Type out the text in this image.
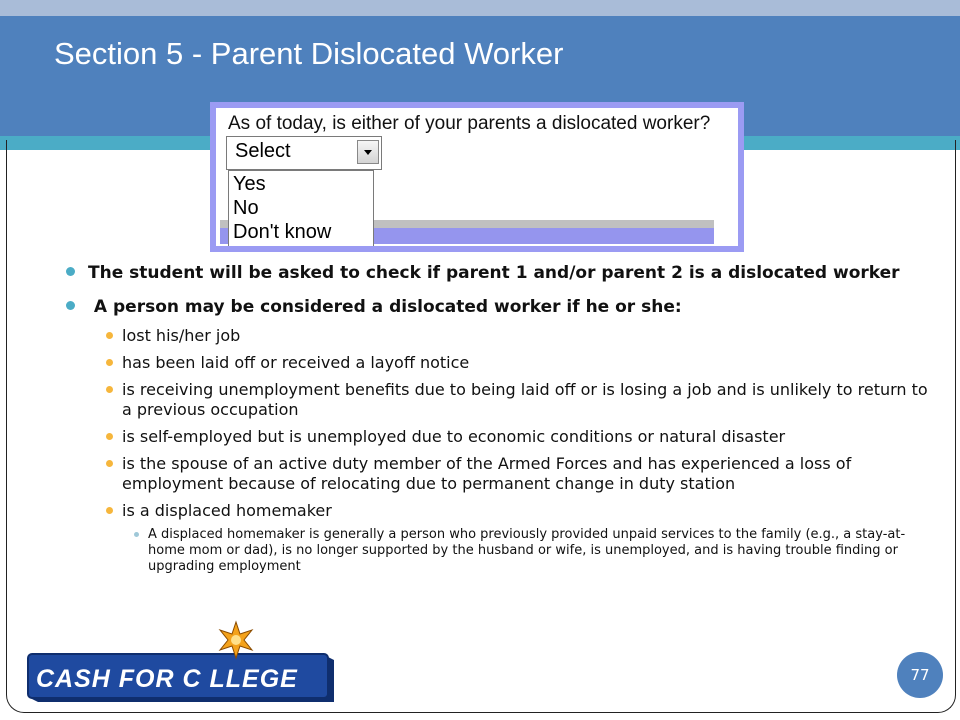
Section 5 - Parent Dislocated Worker
As of today, is either of your parents a dislocated worker?
Select
Yes
No
Don't know
The student will be asked to check if parent 1 and/or parent 2 is a dislocated worker
A person may be considered a dislocated worker if he or she:
lost his/her job
has been laid off or received a layoff notice
is receiving unemployment benefits due to being laid off or is losing a job and is unlikely to return to a previous occupation
is self-employed but is unemployed due to economic conditions or natural disaster
is the spouse of an active duty member of the Armed Forces and has experienced a loss of employment because of relocating due to permanent change in duty station
is a displaced homemaker
A displaced homemaker is generally a person who previously provided unpaid services to the family (e.g., a stay-at-home mom or dad), is no longer supported by the husband or wife, is unemployed, and is having trouble finding or upgrading employment
CASH FOR C LLEGE	77
